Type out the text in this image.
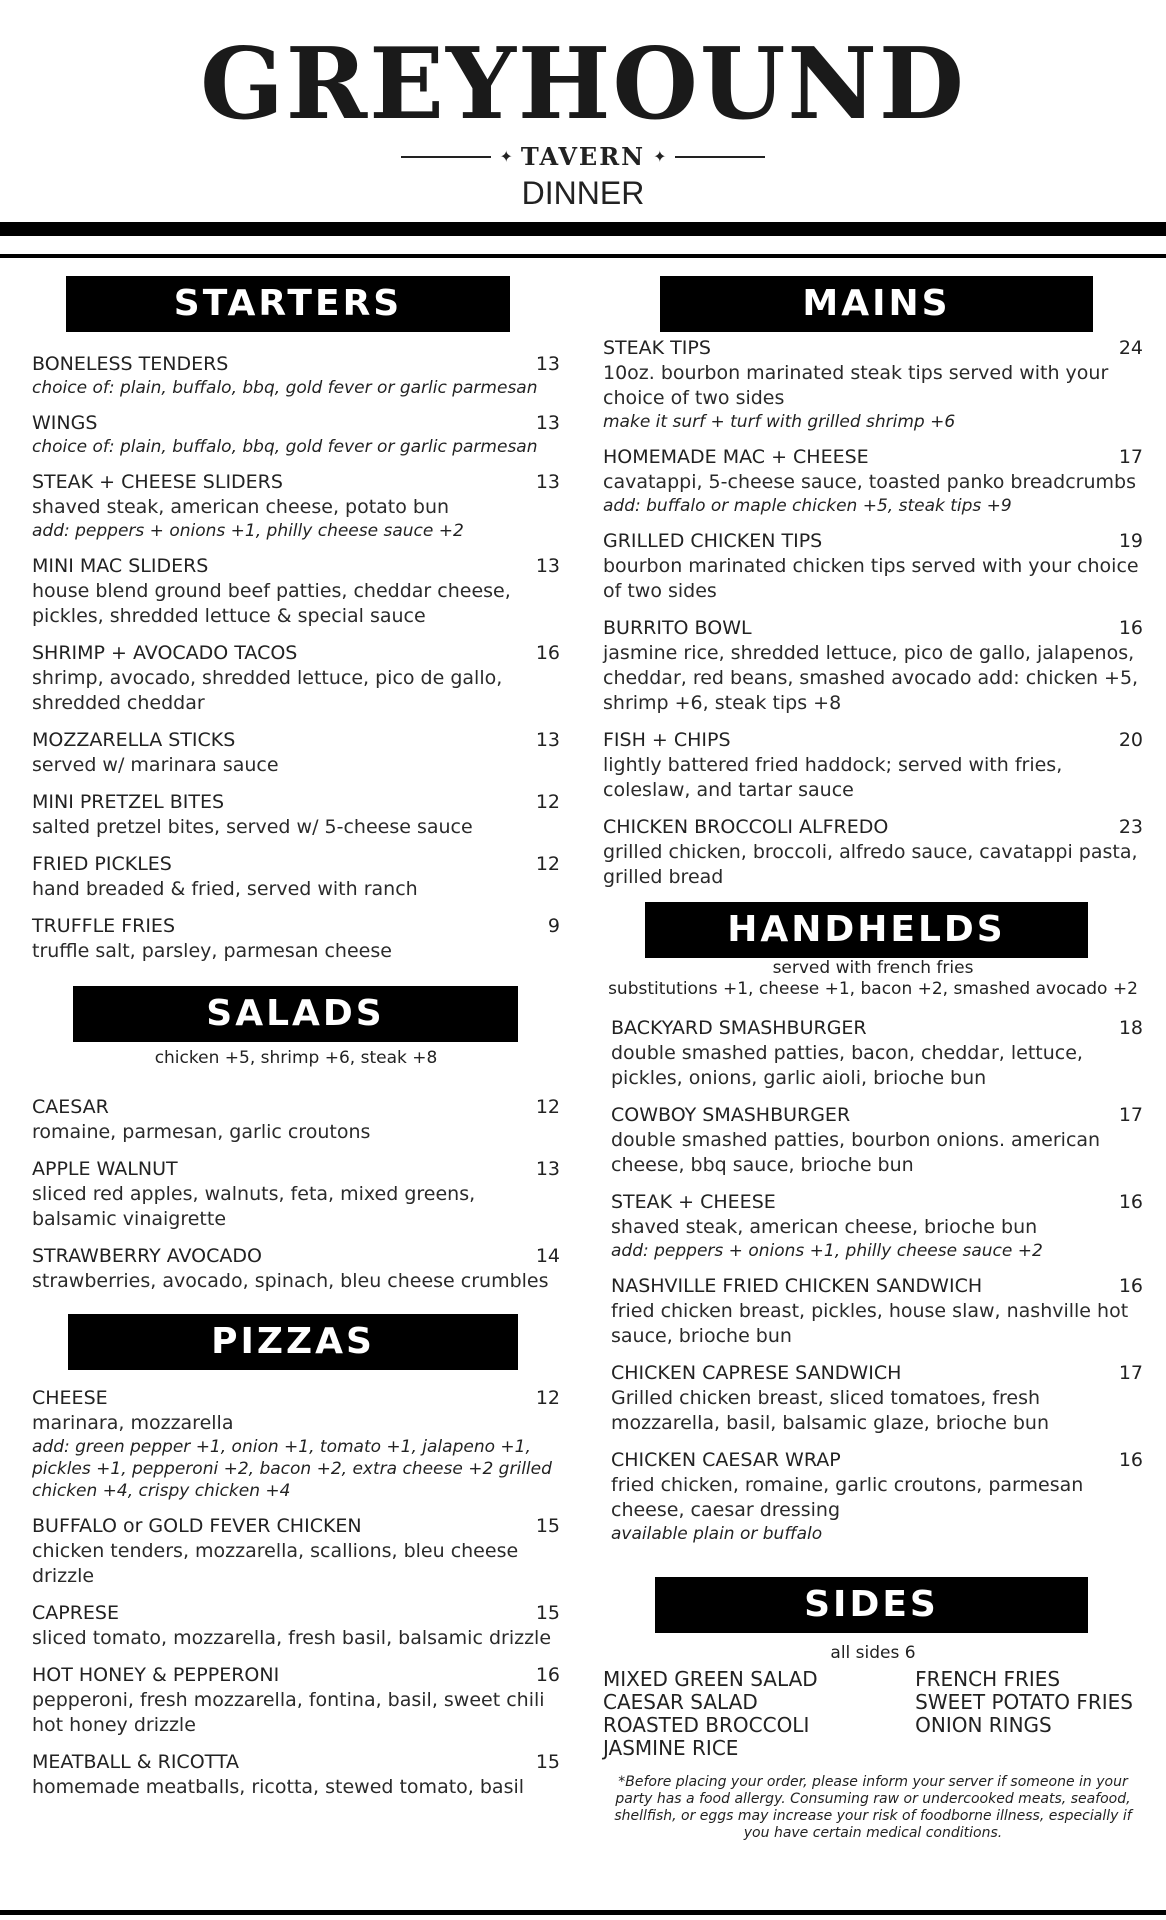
GREYHOUND
✦ TAVERN ✦
DINNER
STARTERS
BONELESS TENDERS	13
choice of: plain, buffalo, bbq, gold fever or garlic parmesan
WINGS	13
choice of: plain, buffalo, bbq, gold fever or garlic parmesan
STEAK + CHEESE SLIDERS	13
shaved steak, american cheese, potato bun
add: peppers + onions +1, philly cheese sauce +2
MINI MAC SLIDERS	13
house blend ground beef patties, cheddar cheese, pickles, shredded lettuce & special sauce
SHRIMP + AVOCADO TACOS	16
shrimp, avocado, shredded lettuce, pico de gallo, shredded cheddar
MOZZARELLA STICKS	13
served w/ marinara sauce
MINI PRETZEL BITES	12
salted pretzel bites, served w/ 5-cheese sauce
FRIED PICKLES	12
hand breaded & fried, served with ranch
TRUFFLE FRIES	9
truffle salt, parsley, parmesan cheese
SALADS
chicken +5, shrimp +6, steak +8
CAESAR	12
romaine, parmesan, garlic croutons
APPLE WALNUT	13
sliced red apples, walnuts, feta, mixed greens, balsamic vinaigrette
STRAWBERRY AVOCADO	14
strawberries, avocado, spinach, bleu cheese crumbles
PIZZAS
CHEESE	12
marinara, mozzarella
add: green pepper +1, onion +1, tomato +1, jalapeno +1, pickles +1, pepperoni +2, bacon +2, extra cheese +2 grilled chicken +4, crispy chicken +4
BUFFALO or GOLD FEVER CHICKEN	15
chicken tenders, mozzarella, scallions, bleu cheese drizzle
CAPRESE	15
sliced tomato, mozzarella, fresh basil, balsamic drizzle
HOT HONEY & PEPPERONI	16
pepperoni, fresh mozzarella, fontina, basil, sweet chili hot honey drizzle
MEATBALL & RICOTTA	15
homemade meatballs, ricotta, stewed tomato, basil
MAINS
STEAK TIPS	24
10oz. bourbon marinated steak tips served with your choice of two sides
make it surf + turf with grilled shrimp +6
HOMEMADE MAC + CHEESE	17
cavatappi, 5-cheese sauce, toasted panko breadcrumbs
add: buffalo or maple chicken +5, steak tips +9
GRILLED CHICKEN TIPS	19
bourbon marinated chicken tips served with your choice of two sides
BURRITO BOWL	16
jasmine rice, shredded lettuce, pico de gallo, jalapenos, cheddar, red beans, smashed avocado add: chicken +5, shrimp +6, steak tips +8
FISH + CHIPS	20
lightly battered fried haddock; served with fries, coleslaw, and tartar sauce
CHICKEN BROCCOLI ALFREDO	23
grilled chicken, broccoli, alfredo sauce, cavatappi pasta, grilled bread
HANDHELDS
served with french fries
substitutions +1, cheese +1, bacon +2, smashed avocado +2
BACKYARD SMASHBURGER	18
double smashed patties, bacon, cheddar, lettuce, pickles, onions, garlic aioli, brioche bun
COWBOY SMASHBURGER	17
double smashed patties, bourbon onions. american cheese, bbq sauce, brioche bun
STEAK + CHEESE	16
shaved steak, american cheese, brioche bun
add: peppers + onions +1, philly cheese sauce +2
NASHVILLE FRIED CHICKEN SANDWICH	16
fried chicken breast, pickles, house slaw, nashville hot sauce, brioche bun
CHICKEN CAPRESE SANDWICH	17
Grilled chicken breast, sliced tomatoes, fresh mozzarella, basil, balsamic glaze, brioche bun
CHICKEN CAESAR WRAP	16
fried chicken, romaine, garlic croutons, parmesan cheese, caesar dressing
available plain or buffalo
SIDES
all sides 6
MIXED GREEN SALAD
CAESAR SALAD
ROASTED BROCCOLI
JASMINE RICE
FRENCH FRIES
SWEET POTATO FRIES
ONION RINGS
*Before placing your order, please inform your server if someone in your party has a food allergy. Consuming raw or undercooked meats, seafood, shellfish, or eggs may increase your risk of foodborne illness, especially if you have certain medical conditions.
